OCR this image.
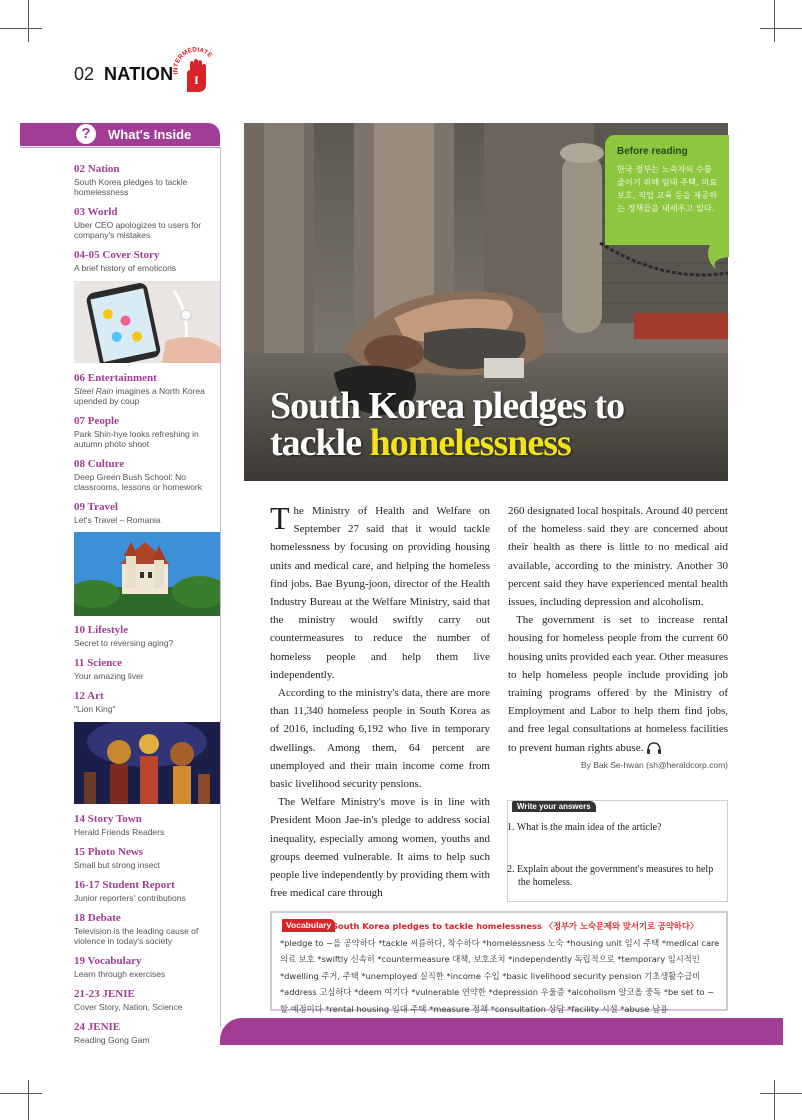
02 NATION INTERMEDIATE
I
?	What's Inside
02 Nation
South Korea pledges to tackle homelessness
03 World
Uber CEO apologizes to users for company's mistakes
04-05 Cover Story
A brief history of emoticons
06 Entertainment
Steel Rain imagines a North Korea upended by coup
07 People
Park Shin-hye looks refreshing in autumn photo shoot
08 Culture
Deep Green Bush School: No classrooms, lessons or homework
09 Travel
Let's Travel – Romania
10 Lifestyle
Secret to reversing aging?
11 Science
Your amazing liver
12 Art
"Lion King"
14 Story Town
Herald Friends Readers
15 Photo News
Small but strong insect
16-17 Student Report
Junior reporters' contributions
18 Debate
Television is the leading cause of violence in today's society
19 Vocabulary
Learn through exercises
21-23 JENIE
Cover Story, Nation, Science
24 JENIE
Reading Gong Gam
South Korea pledges to
tackle homelessness
Before reading
한국 정부는 노숙자의 수를 줄이기 위해 임대 주택, 의료 보호, 직업 교육 등을 제공하는 정책들을 내세우고 있다.

The Ministry of Health and Welfare on September 27 said that it would tackle homelessness by focusing on providing housing units and medical care, and helping the homeless find jobs. Bae Byung-joon, director of the Health Industry Bureau at the Welfare Ministry, said that the ministry would swiftly carry out countermeasures to reduce the number of homeless people and help them live independently.

According to the ministry's data, there are more than 11,340 homeless people in South Korea as of 2016, including 6,192 who live in temporary dwellings. Among them, 64 percent are unemployed and their main income come from basic livelihood security pensions.

The Welfare Ministry's move is in line with President Moon Jae-in's pledge to address social inequality, especially among women, youths and groups deemed vulnerable. It aims to help such people live independently by providing them with free medical care through

260 designated local hospitals. Around 40 percent of the homeless said they are concerned about their health as there is little to no medical aid available, according to the ministry. Another 30 percent said they have experienced mental health issues, including depression and alcoholism.

The government is set to increase rental housing for homeless people from the current 60 housing units provided each year. Other measures to help homeless people include providing job training programs offered by the Ministry of Employment and Labor to help them find jobs, and free legal consultations at homeless facilities to prevent human rights abuse.
By Bak Se-hwan (sh@heraldcorp.com)

Write your answers
1. What is the main idea of the article?
2. Explain about the government's measures to help the homeless.
Vocabulary South Korea pledges to tackle homelessness 〈정부가 노숙문제와 맞서기로 공약하다〉 *pledge to ~을 공약하다 *tackle 씨름하다, 착수하다 *homelessness 노숙 *housing unit 임시 주택 *medical care 의료 보호 *swiftly 신속히 *countermeasure 대책, 보호조치 *independently 독립적으로 *temporary 임시적인 *dwelling 주거, 주택 *unemployed 실직한 *income 수입 *basic livelihood security pension 기초생활수급비 *address 고심하다 *deem 여기다 *vulnerable 연약한 *depression 우울증 *alcoholism 알코올 중독 *be set to ~할 예정이다 *rental housing 임대 주택 *measure 정책 *consultation 상담 *facility 시설 *abuse 남용
